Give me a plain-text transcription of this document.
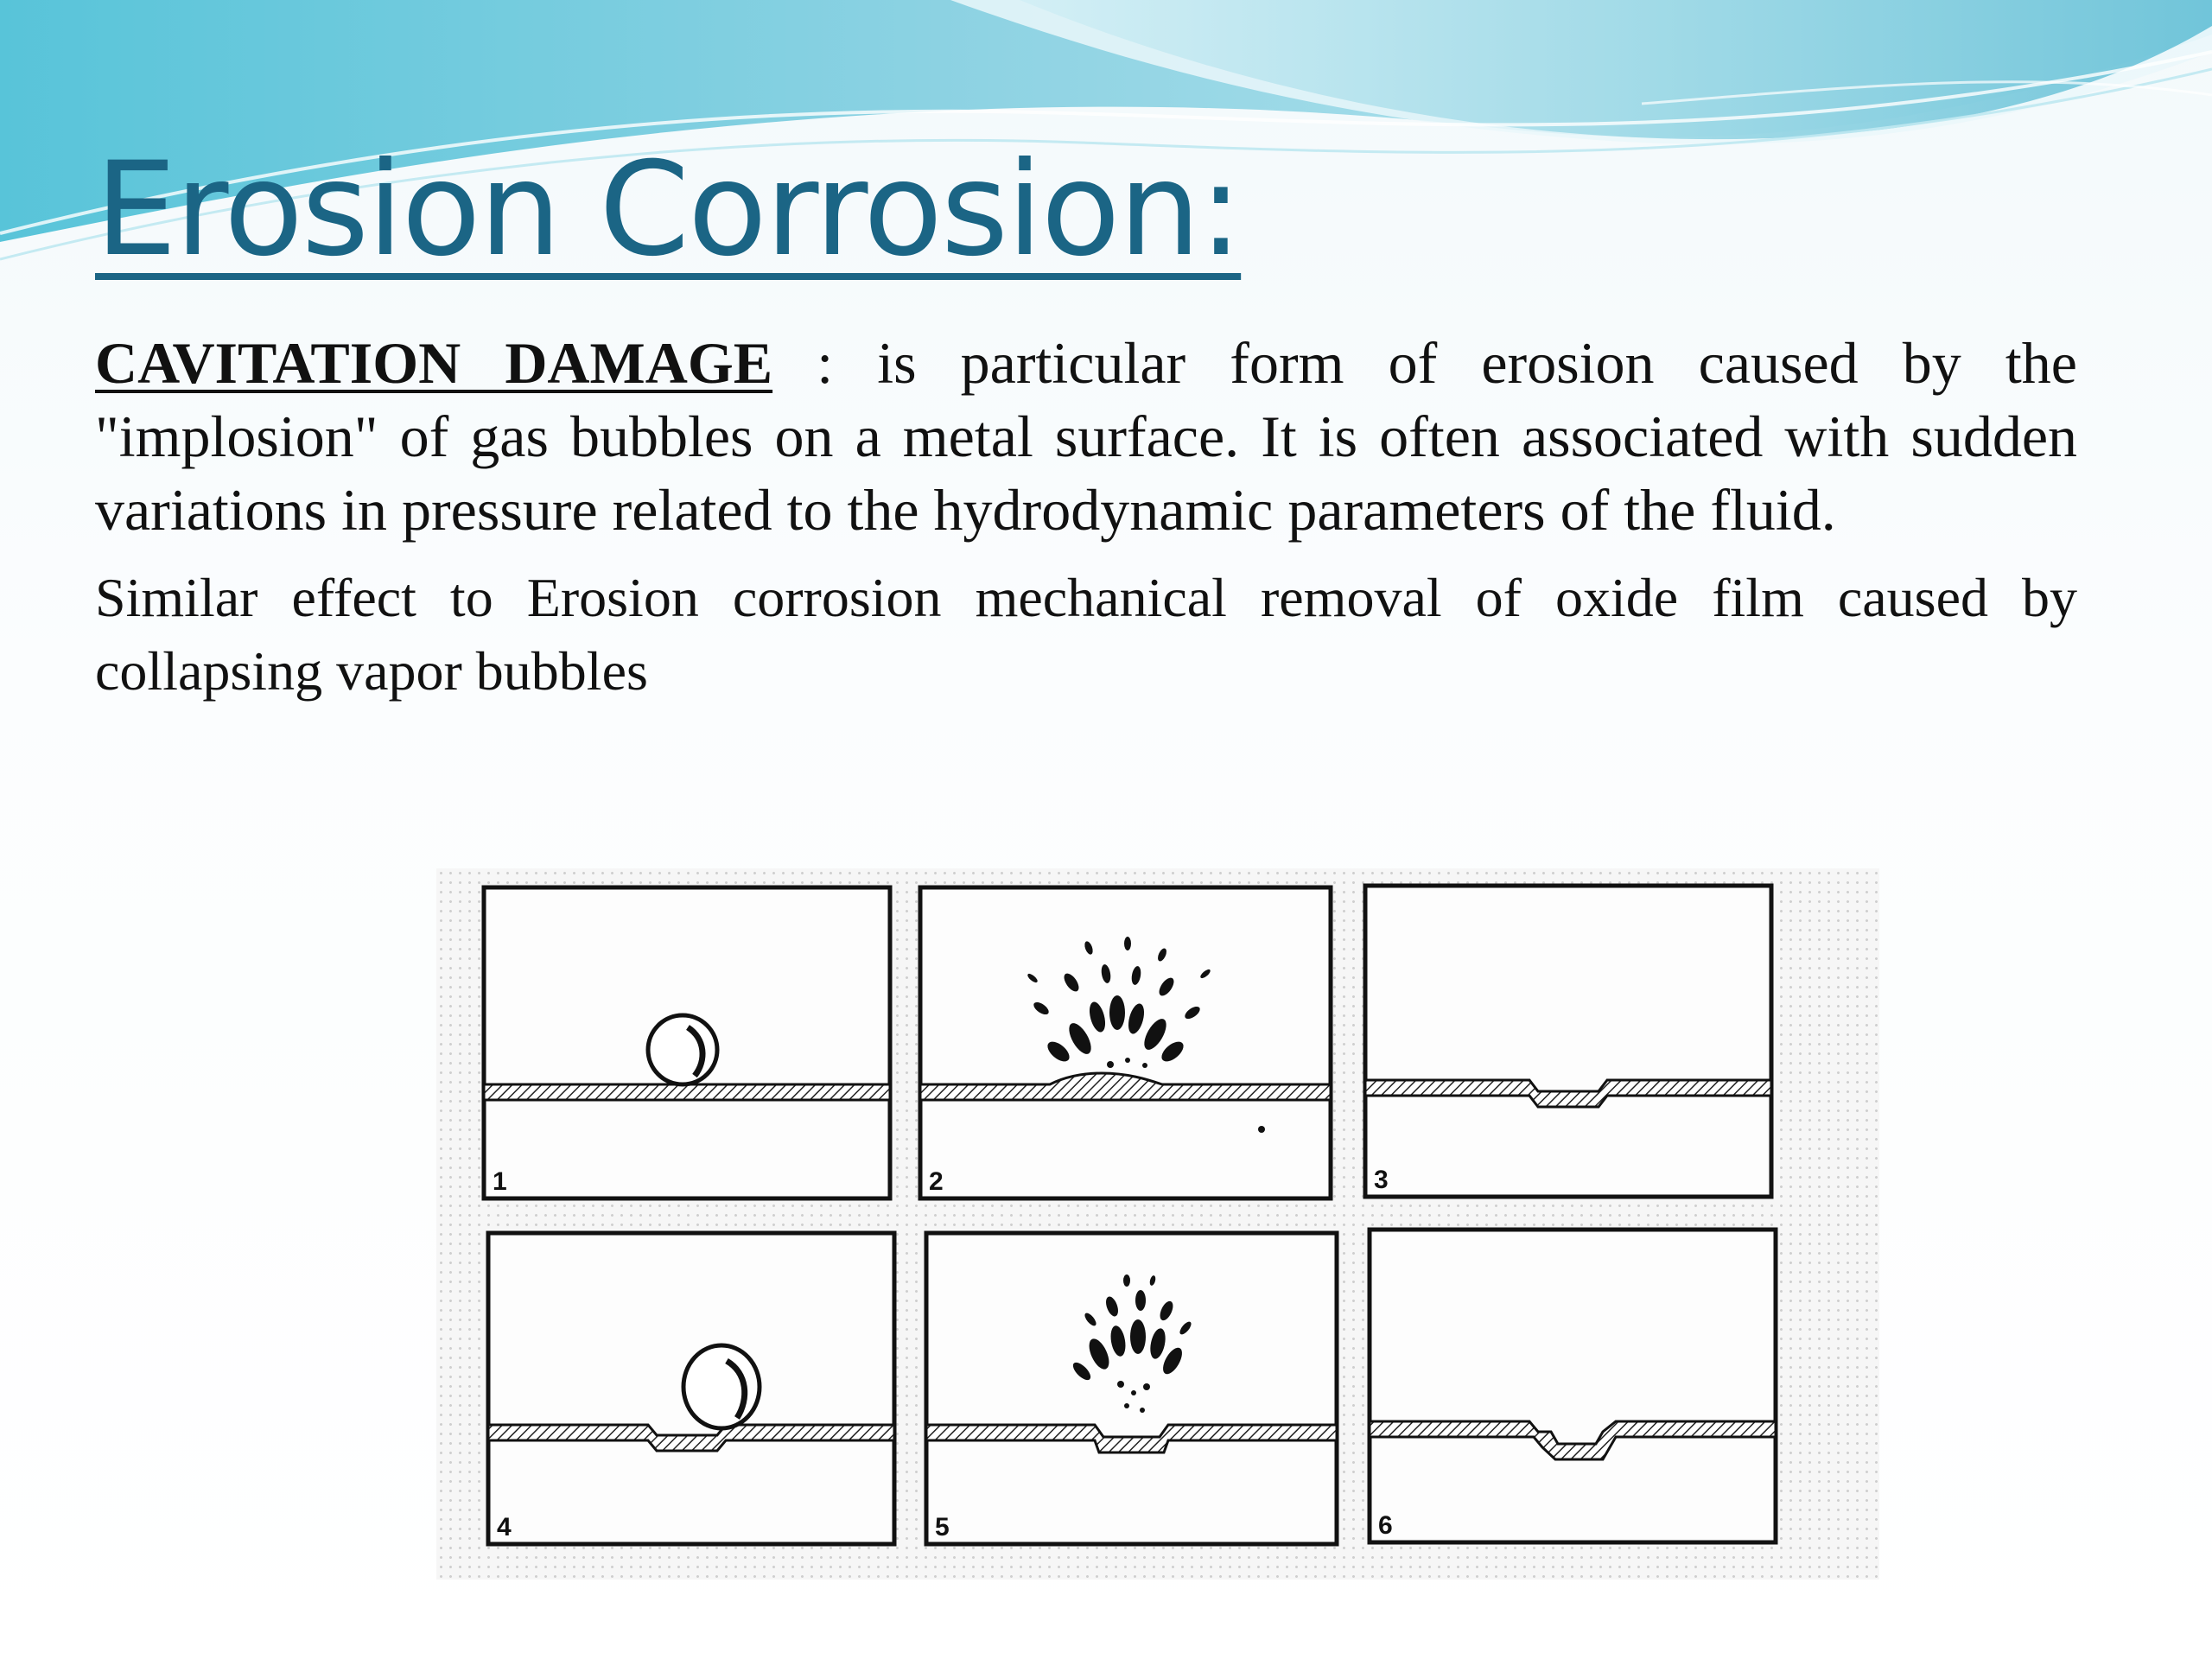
Erosion Corrosion:

CAVITATION DAMAGE : is particular form of erosion caused by the "implosion" of gas bubbles on a metal surface. It is often associated with sudden variations in pressure related to the hydrodynamic parameters of the fluid.

Similar effect to Erosion corrosion mechanical removal of oxide film caused by collapsing vapor bubbles

1	2	3
4	5	6
